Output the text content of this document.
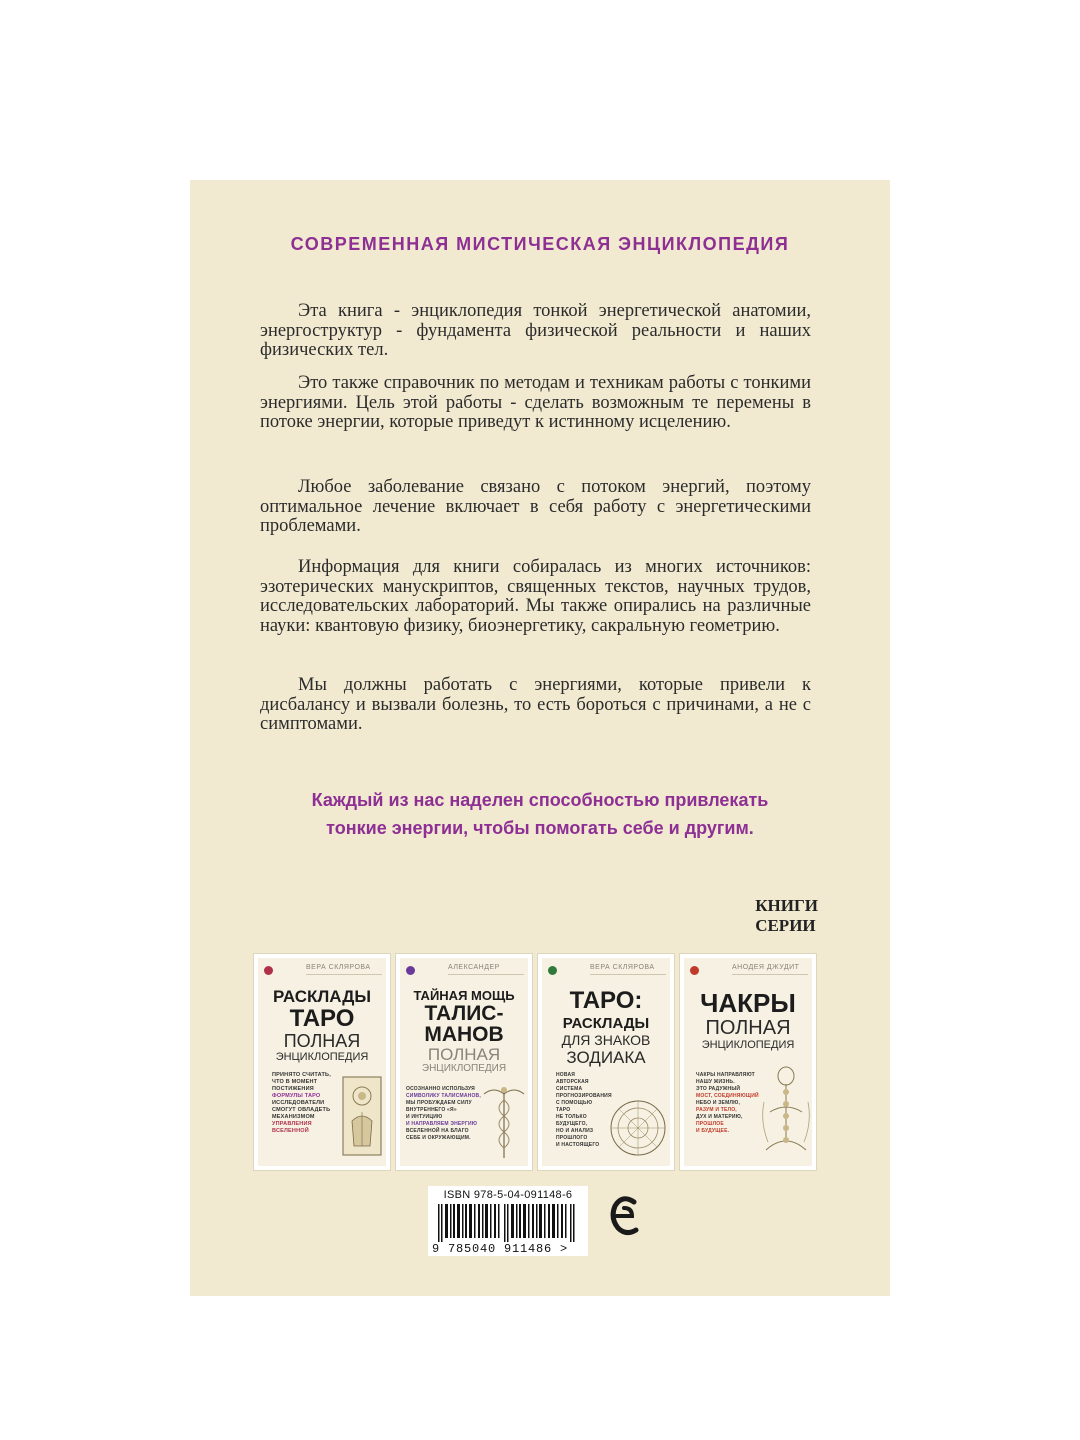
СОВРЕМЕННАЯ МИСТИЧЕСКАЯ ЭНЦИКЛОПЕДИЯ

Эта книга - энциклопедия тонкой энергетической анатомии, энергоструктур - фундамента физической реальности и наших физических тел.

Это также справочник по методам и техникам работы с тонкими энергиями. Цель этой работы - сделать возможным те перемены в потоке энергии, которые приведут к истинному исцелению.

Любое заболевание связано с потоком энергий, поэтому оптимальное лечение включает в себя работу с энергетическими проблемами.

Информация для книги собиралась из многих источников: эзотерических манускриптов, священных текстов, научных трудов, исследовательских лабораторий. Мы также опирались на различные науки: квантовую физику, биоэнергетику, сакральную геометрию.

Мы должны работать с энергиями, которые привели к дисбалансу и вызвали болезнь, то есть бороться с причинами, а не с симптомами.

Каждый из нас наделен способностью привлекать
тонкие энергии, чтобы помогать себе и другим.
КНИГИ
СЕРИИ
ВЕРА СКЛЯРОВА
РАСКЛАДЫ
ТАРО
ПОЛНАЯ
ЭНЦИКЛОПЕДИЯ
ПРИНЯТО СЧИТАТЬ,
ЧТО В МОМЕНТ
ПОСТИЖЕНИЯ
ФОРМУЛЫ ТАРО
ИССЛЕДОВАТЕЛИ
СМОГУТ ОВЛАДЕТЬ
МЕХАНИЗМОМ
УПРАВЛЕНИЯ
ВСЕЛЕННОЙ
АЛЕКСАНДЕР
ТАЙНАЯ МОЩЬ
ТАЛИС-
МАНОВ
ПОЛНАЯ
ЭНЦИКЛОПЕДИЯ
ОСОЗНАННО ИСПОЛЬЗУЯ
СИМВОЛИКУ ТАЛИСМАНОВ,
МЫ ПРОБУЖДАЕМ СИЛУ
ВНУТРЕННЕГО «Я»
И ИНТУИЦИЮ
И НАПРАВЛЯЕМ ЭНЕРГИЮ
ВСЕЛЕННОЙ НА БЛАГО
СЕБЕ И ОКРУЖАЮЩИМ.
ВЕРА СКЛЯРОВА
ТАРО:
РАСКЛАДЫ
ДЛЯ ЗНАКОВ
ЗОДИАКА
НОВАЯ
АВТОРСКАЯ
СИСТЕМА
ПРОГНОЗИРОВАНИЯ
С ПОМОЩЬЮ
ТАРО
НЕ ТОЛЬКО
БУДУЩЕГО,
НО И АНАЛИЗ
ПРОШЛОГО
И НАСТОЯЩЕГО
АНОДЕЯ ДЖУДИТ
ЧАКРЫ
ПОЛНАЯ
ЭНЦИКЛОПЕДИЯ
ЧАКРЫ НАПРАВЛЯЮТ
НАШУ ЖИЗНЬ.
ЭТО РАДУЖНЫЙ
МОСТ, СОЕДИНЯЮЩИЙ
НЕБО И ЗЕМЛЮ,
РАЗУМ И ТЕЛО,
ДУХ И МАТЕРИЮ,
ПРОШЛОЕ
И БУДУЩЕЕ.
ISBN 978-5-04-091148-6
9 785040 911486 >
